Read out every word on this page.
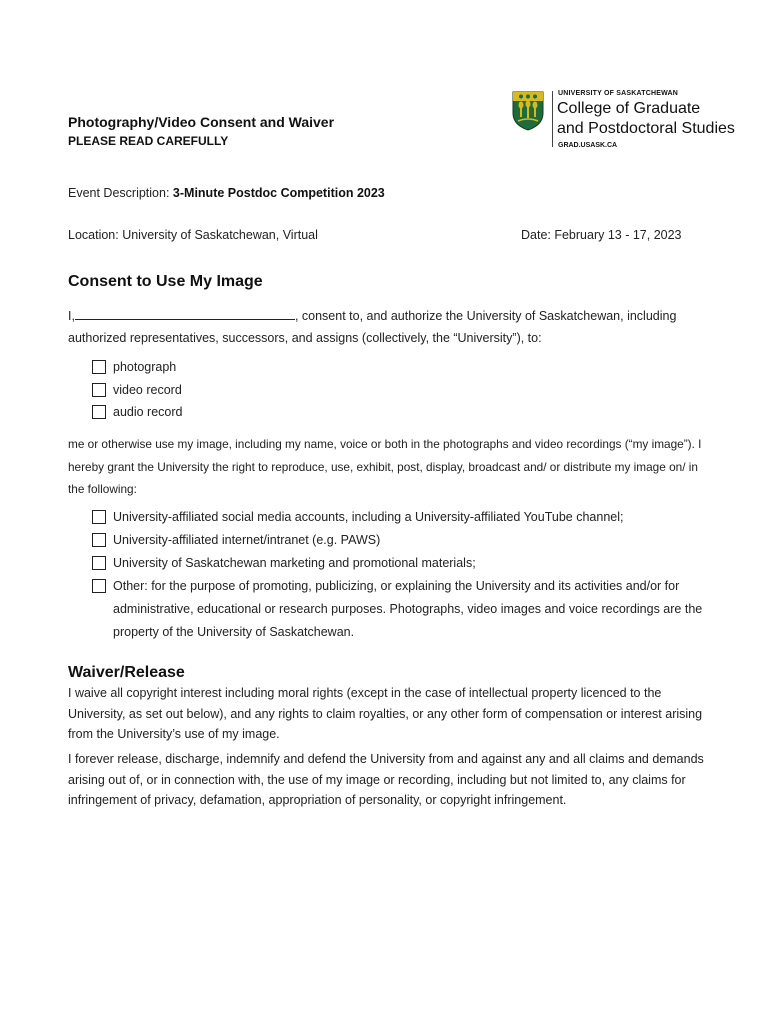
Photography/Video Consent and Waiver
PLEASE READ CAREFULLY
UNIVERSITY OF SASKATCHEWAN
College of Graduate
and Postdoctoral Studies
GRAD.USASK.CA
Event Description: 3-Minute Postdoc Competition 2023
Location: University of Saskatchewan, Virtual	Date: February 13 - 17, 2023
Consent to Use My Image
I,	, consent to, and authorize the University of Saskatchewan, including authorized representatives, successors, and assigns (collectively, the “University”), to:
photograph
video record
audio record
me or otherwise use my image, including my name, voice or both in the photographs and video recordings (“my image”). I hereby grant the University the right to reproduce, use, exhibit, post, display, broadcast and/ or distribute my image on/ in the following:
University-affiliated social media accounts, including a University-affiliated YouTube channel;
University-affiliated internet/intranet (e.g. PAWS)
University of Saskatchewan marketing and promotional materials;
Other: for the purpose of promoting, publicizing, or explaining the University and its activities and/or for administrative, educational or research purposes. Photographs, video images and voice recordings are the property of the University of Saskatchewan.
Waiver/Release
I waive all copyright interest including moral rights (except in the case of intellectual property licenced to the University, as set out below), and any rights to claim royalties, or any other form of compensation or interest arising from the University’s use of my image.
I forever release, discharge, indemnify and defend the University from and against any and all claims and demands arising out of, or in connection with, the use of my image or recording, including but not limited to, any claims for infringement of privacy, defamation, appropriation of personality, or copyright infringement.
